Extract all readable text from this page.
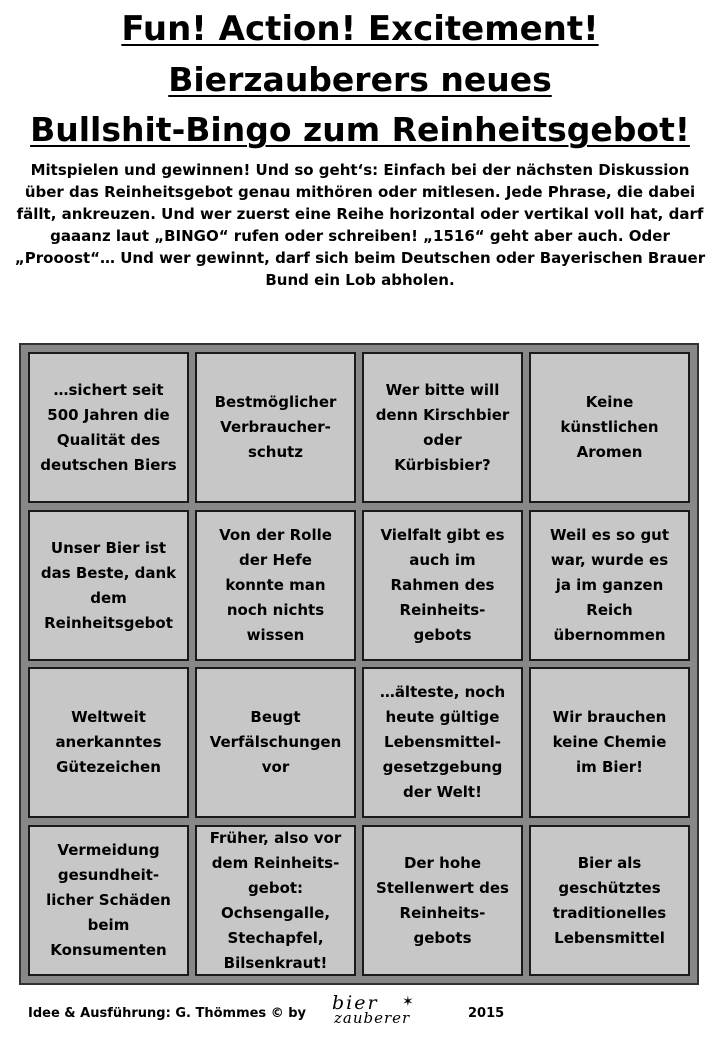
Fun! Action! Excitement!
Bierzauberers neues
Bullshit-Bingo zum Reinheitsgebot!

Mitspielen und gewinnen! Und so geht‘s: Einfach bei der nächsten Diskussion über das Reinheitsgebot genau mithören oder mitlesen. Jede Phrase, die dabei fällt, ankreuzen. Und wer zuerst eine Reihe horizontal oder vertikal voll hat, darf gaaanz laut „BINGO“ rufen oder schreiben! „1516“ geht aber auch. Oder „Prooost“… Und wer gewinnt, darf sich beim Deutschen oder Bayerischen Brauer Bund ein Lob abholen.

…sichert seit
500 Jahren die
Qualität des
deutschen Biers
Bestmöglicher
Verbraucher-
schutz
Wer bitte will
denn Kirschbier
oder
Kürbisbier?
Keine
künstlichen
Aromen
Unser Bier ist
das Beste, dank
dem
Reinheitsgebot
Von der Rolle
der Hefe
konnte man
noch nichts
wissen
Vielfalt gibt es
auch im
Rahmen des
Reinheits-
gebots
Weil es so gut
war, wurde es
ja im ganzen
Reich
übernommen
Weltweit
anerkanntes
Gütezeichen
Beugt
Verfälschungen
vor
…älteste, noch
heute gültige
Lebensmittel-
gesetzgebung
der Welt!
Wir brauchen
keine Chemie
im Bier!
Vermeidung
gesundheit-
licher Schäden
beim
Konsumenten
Früher, also vor
dem Reinheits-
gebot:
Ochsengalle,
Stechapfel,
Bilsenkraut!
Der hohe
Stellenwert des
Reinheits-
gebots
Bier als
geschütztes
traditionelles
Lebensmittel
Idee & Ausführung: G. Thömmes © by bier
zauberer
✶
2015
